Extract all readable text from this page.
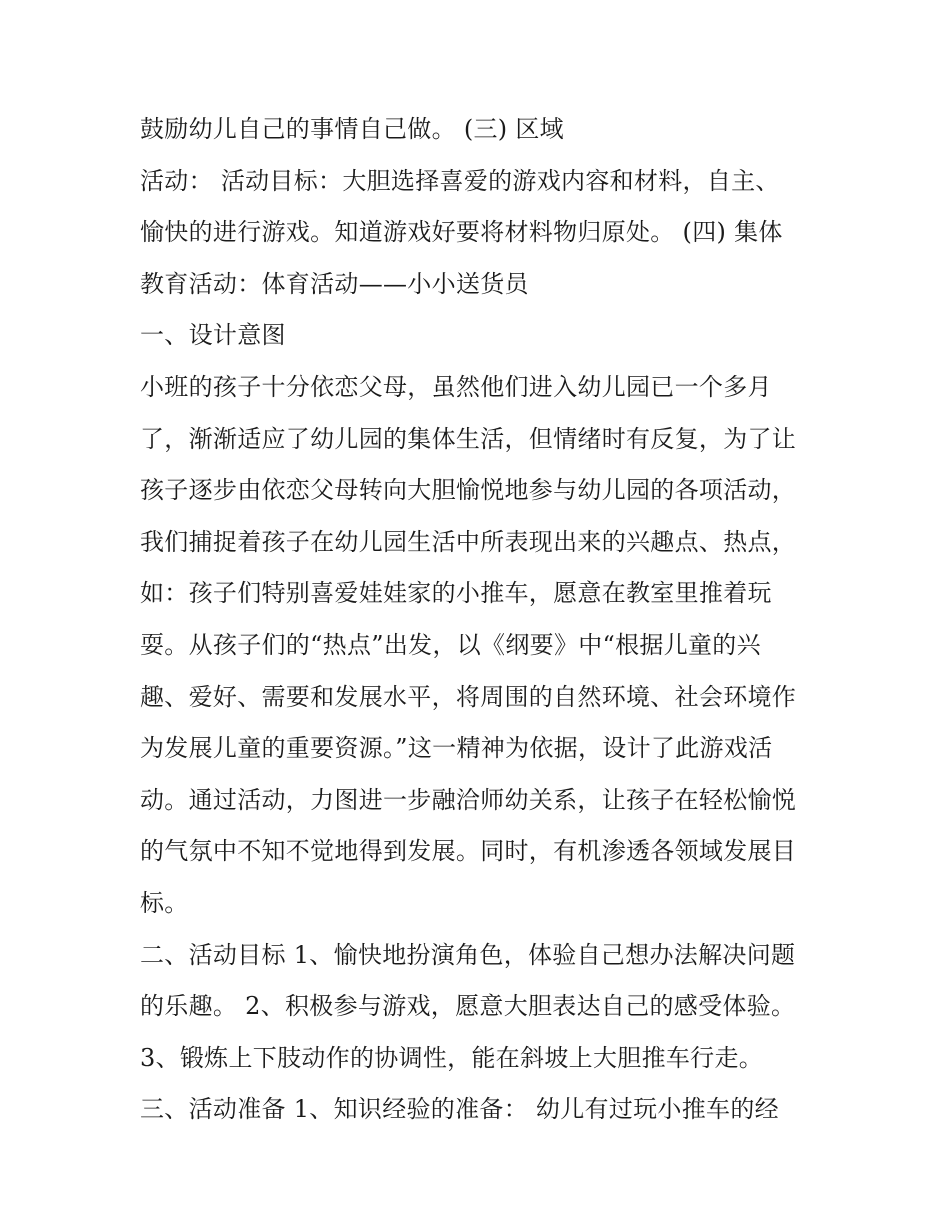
鼓励幼儿自己的事情自己做。 (三) 区域
活动： 活动目标：大胆选择喜爱的游戏内容和材料，自主、
愉快的进行游戏。知道游戏好要将材料物归原处。 (四) 集体
教育活动：体育活动——小小送货员
一、设计意图
小班的孩子十分依恋父母，虽然他们进入幼儿园已一个多月
了，渐渐适应了幼儿园的集体生活，但情绪时有反复，为了让
孩子逐步由依恋父母转向大胆愉悦地参与幼儿园的各项活动，
我们捕捉着孩子在幼儿园生活中所表现出来的兴趣点、热点，
如：孩子们特别喜爱娃娃家的小推车，愿意在教室里推着玩
耍。从孩子们的“热点”出发，以《纲要》中“根据儿童的兴
趣、爱好、需要和发展水平，将周围的自然环境、社会环境作
为发展儿童的重要资源。”这一精神为依据，设计了此游戏活
动。通过活动，力图进一步融洽师幼关系，让孩子在轻松愉悦
的气氛中不知不觉地得到发展。同时，有机渗透各领域发展目
标。
二、活动目标 1、愉快地扮演角色，体验自己想办法解决问题
的乐趣。 2、积极参与游戏，愿意大胆表达自己的感受体验。
3、锻炼上下肢动作的协调性，能在斜坡上大胆推车行走。
三、活动准备 1、知识经验的准备： 幼儿有过玩小推车的经
